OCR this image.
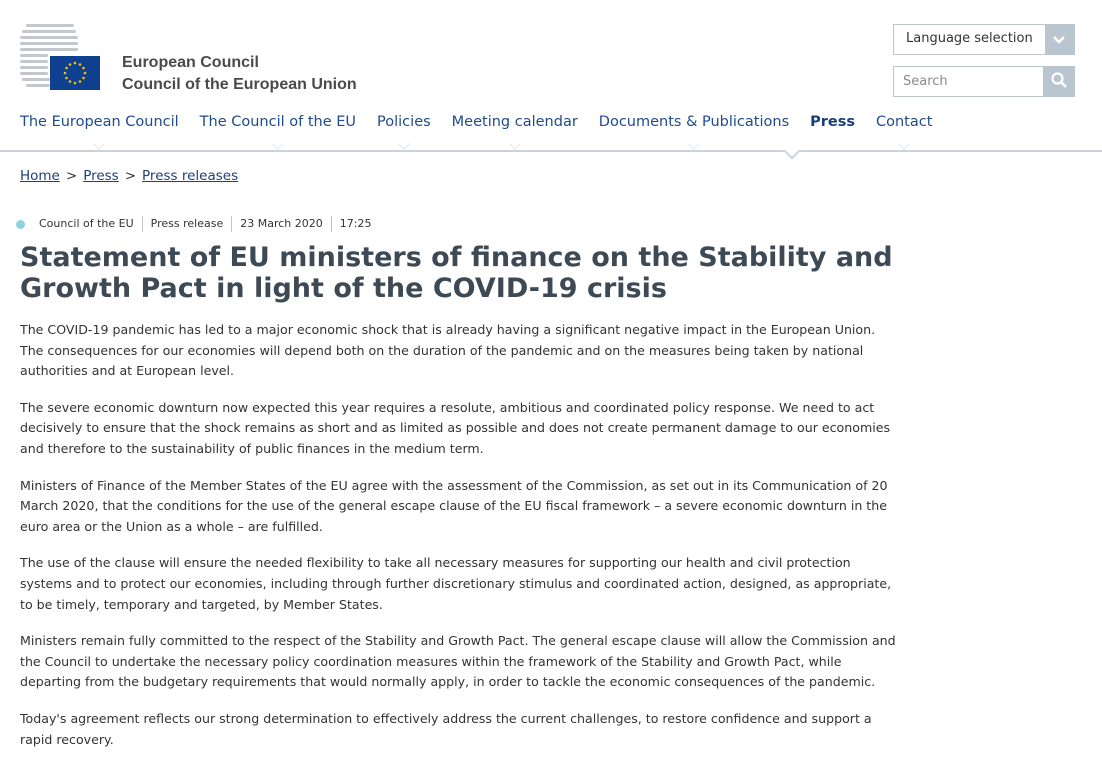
European Council
Council of the European Union
Language selection
Search
The European Council The Council of the EU Policies Meeting calendar Documents & Publications Press Contact
Home > Press > Press releases
Council of the EU	Press release	23 March 2020	17:25
Statement of EU ministers of finance on the Stability and Growth Pact in light of the COVID-19 crisis

The COVID-19 pandemic has led to a major economic shock that is already having a significant negative impact in the European Union. The consequences for our economies will depend both on the duration of the pandemic and on the measures being taken by national authorities and at European level.

The severe economic downturn now expected this year requires a resolute, ambitious and coordinated policy response. We need to act decisively to ensure that the shock remains as short and as limited as possible and does not create permanent damage to our economies and therefore to the sustainability of public finances in the medium term.

Ministers of Finance of the Member States of the EU agree with the assessment of the Commission, as set out in its Communication of 20 March 2020, that the conditions for the use of the general escape clause of the EU fiscal framework – a severe economic downturn in the euro area or the Union as a whole – are fulfilled.

The use of the clause will ensure the needed flexibility to take all necessary measures for supporting our health and civil protection systems and to protect our economies, including through further discretionary stimulus and coordinated action, designed, as appropriate, to be timely, temporary and targeted, by Member States.

Ministers remain fully committed to the respect of the Stability and Growth Pact. The general escape clause will allow the Commission and the Council to undertake the necessary policy coordination measures within the framework of the Stability and Growth Pact, while departing from the budgetary requirements that would normally apply, in order to tackle the economic consequences of the pandemic.

Today's agreement reflects our strong determination to effectively address the current challenges, to restore confidence and support a rapid recovery.
